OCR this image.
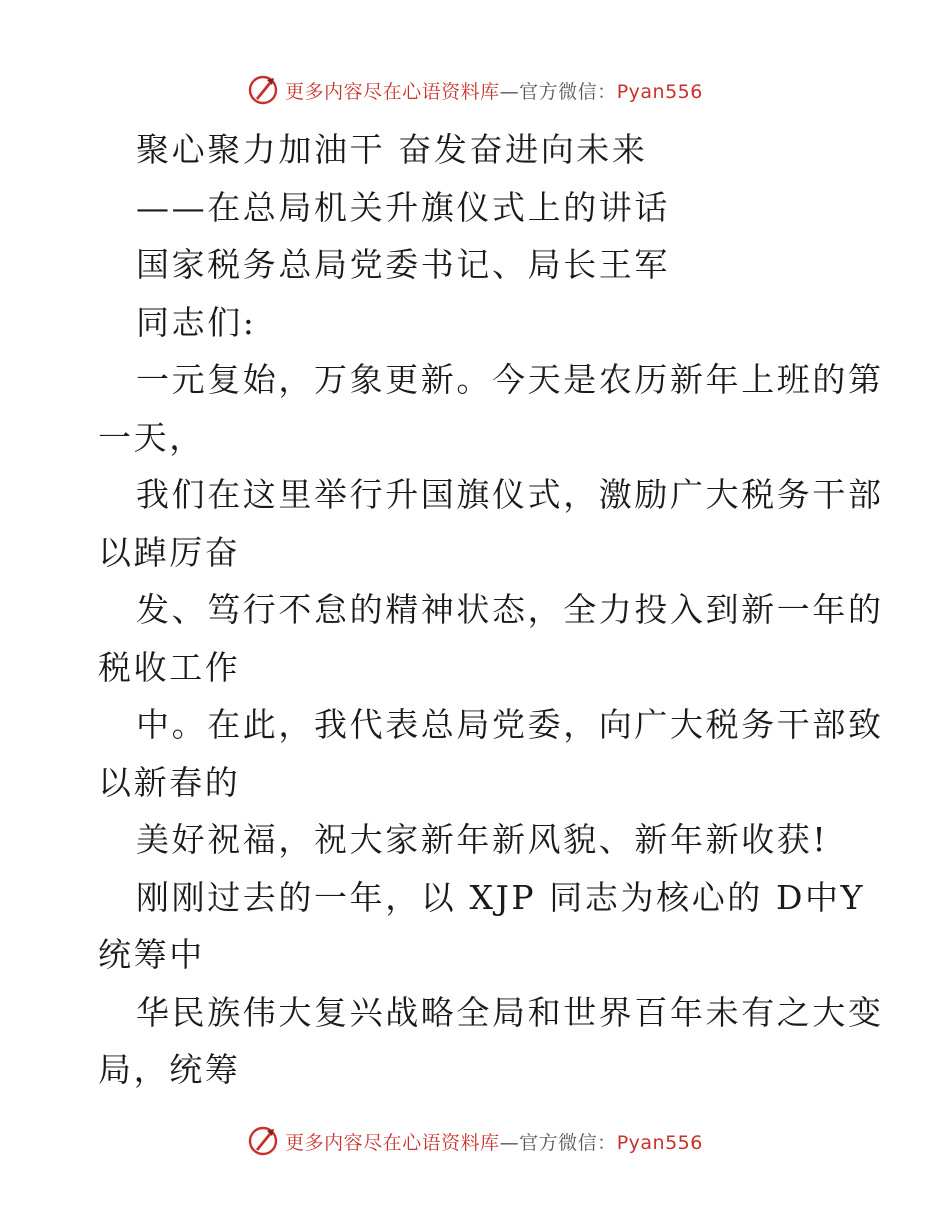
更多内容尽在心语资料库—官方微信：Pyan556
聚心聚力加油干 奋发奋进向未来
——在总局机关升旗仪式上的讲话
国家税务总局党委书记、局长王军
同志们:
一元复始，万象更新。今天是农历新年上班的第
一天，
我们在这里举行升国旗仪式，激励广大税务干部
以踔厉奋
发、笃行不怠的精神状态，全力投入到新一年的
税收工作
中。在此，我代表总局党委，向广大税务干部致
以新春的
美好祝福，祝大家新年新风貌、新年新收获!
刚刚过去的一年，以 XJP 同志为核心的 D中Y
统筹中
华民族伟大复兴战略全局和世界百年未有之大变
局，统筹
更多内容尽在心语资料库—官方微信：Pyan556
